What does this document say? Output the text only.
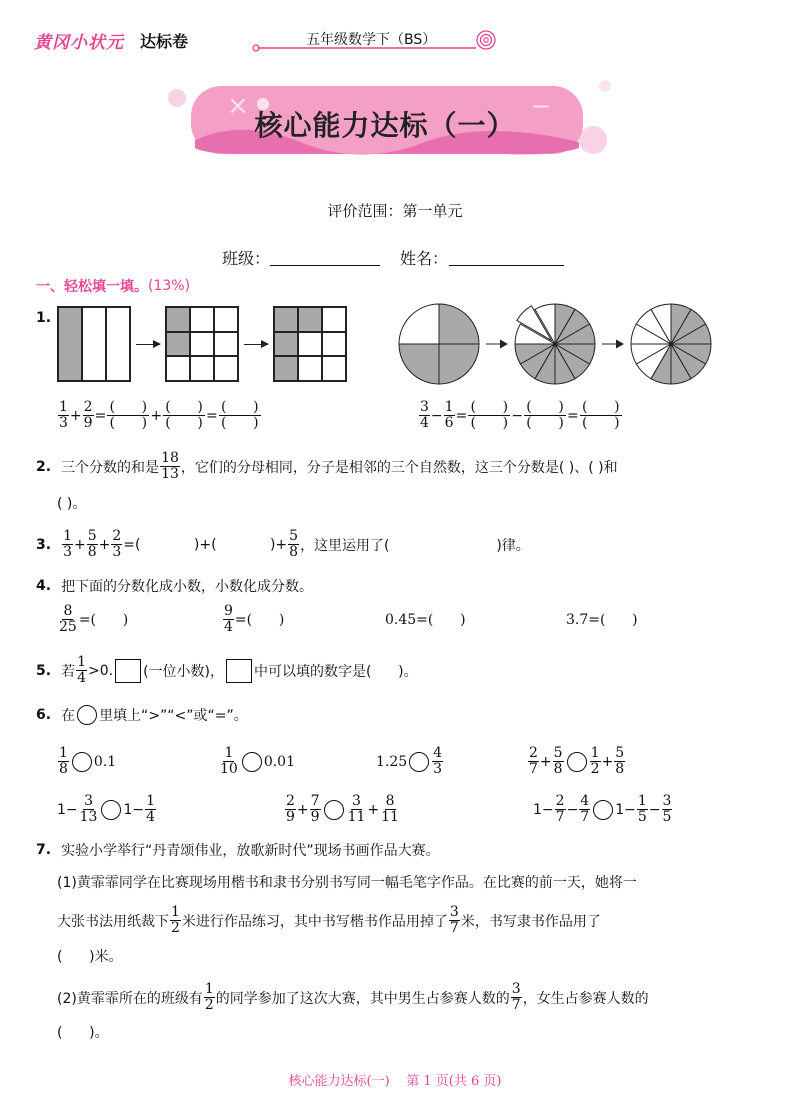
黄冈小状元 达标卷	五年级数学下（BS）
×	−
核心能力达标（一）
评价范围：第一单元
班级：	姓名：
一、轻松填一填。 (13%)
1.
$\frac{1}{3} + \frac{2}{9} = \frac{( )}{( )} + \frac{( )}{( )} = \frac{( )}{( )}$	$\frac{3}{4} - \frac{1}{6} = \frac{( )}{( )} - \frac{( )}{( )} = \frac{( )}{( )}$
2. 三个分数的和是 $\frac{18}{13}$ ，它们的分母相同，分子是相邻的三个自然数，这三个分数是( )、( )和
( )。
3. $\frac{1}{3} + \frac{5}{8} + \frac{2}{3}$ =(            )+(            )+ $\frac{5}{8}$ ，这里运用了(                        )律。
4. 把下面的分数化成小数，小数化成分数。
$\frac{8}{25}$ =(      )	$\frac{9}{4}$ =(      )	0.45=(      )	3.7=(      )
5. 若 $\frac{1}{4} >0$. (一位小数)， 中可以填的数字是(      )。
6. 在 里填上“>”“<”或“=”。
$\frac{1}{8} 0.1$	$\frac{1}{10} 0.01$	$1.25 \frac{4}{3}$	$\frac{2}{7} + \frac{5}{8} \frac{1}{2} + \frac{5}{8}$
$1- \frac{3}{13} 1- \frac{1}{4}$	$\frac{2}{9} + \frac{7}{9} \frac{3}{11} + \frac{8}{11}$	$1- \frac{2}{7} - \frac{4}{7} 1- \frac{1}{5} - \frac{3}{5}$
7. 实验小学举行“丹青颂伟业，放歌新时代”现场书画作品大赛。
(1)黄霏霏同学在比赛现场用楷书和隶书分别书写同一幅毛笔字作品。在比赛的前一天，她将一
大张书法用纸裁下 $\frac{1}{2}$ 米进行作品练习，其中书写楷书作品用掉了 $\frac{3}{7}$ 米，书写隶书作品用了
(      )米。
(2)黄霏霏所在的班级有 $\frac{1}{2}$ 的同学参加了这次大赛，其中男生占参赛人数的 $\frac{3}{7}$ ，女生占参赛人数的
(      )。
核心能力达标(一)    第 1 页(共 6 页)
